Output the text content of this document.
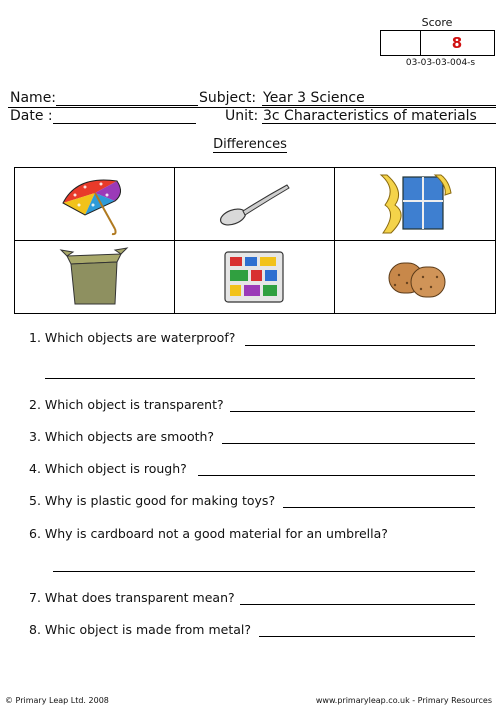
Score
8
03-03-03-004-s
Name:	Subject: Year 3 Science
Date :	Unit: 3c Characteristics of materials
Differences
1. Which objects are waterproof?
2. Which object is transparent?
3. Which objects are smooth?
4. Which object is rough?
5. Why is plastic good for making toys?
6. Why is cardboard not a good material for an umbrella?
7. What does transparent mean?
8. Whic object is made from metal?
© Primary Leap Ltd. 2008	www.primaryleap.co.uk - Primary Resources
